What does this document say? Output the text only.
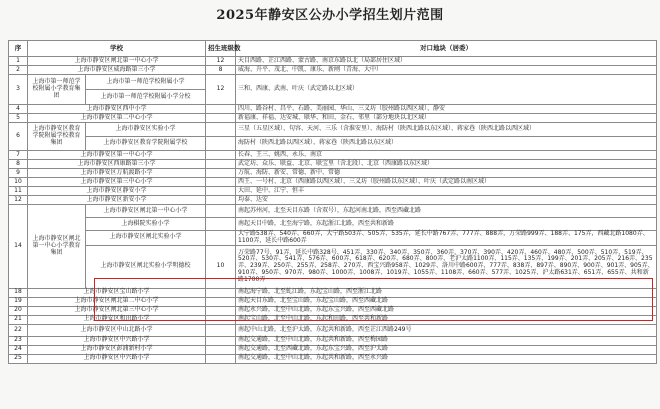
2025年静安区公办小学招生划片范围
序	学校		招生班级数	对口地块（居委）
1	上海市静安区闸北第一中心小学		12	天目西路、芷江西路、蒙古路、南京东路以北（局部居住区域）
2	上海市静安区威海路第三小学		8	威海、升平、茂北、中凯、康乐、新闸（青海、大中）
3	上海市第一师范学校附属小学教育集团	上海市第一师范学校附属小学	12	三和、西康、武南、叶庆（武定路以北区域）
		上海市第一师范学校附属小学分校		
4	上海市静安区西中小学			四川、路谷村、昌平、石路、美丽园、华山、三义坊（胶州路以西区域）、静安
5	上海市静安区第二中心小学			新福康、祥福、达安城、联华、和田、金石、邻里（部分地块以北区域）
6	上海市静安区教育学院附属学校教育集团	上海市静安区实验小学		三星（五星区域）、句容、天河、三乐（含淮安里）、海防村（陕西北路以东区域）、蒋家巷（陕西北路以西区域）
		上海市静安区教育学院附属学校		海防村（陕西北路以西区域）、蒋家巷（陕西北路以东区域）
7	上海市静安区第一中心小学			长春、王三、姚西、永乐、南京
8	上海市静安区西康路第三小学			武定坊、众乐、联益、北京、联宝里（含北段）、北京（西康路以东区域）
9	上海市静安区万航渡路小学			万航、海防、新安、常德、新中、常德
10	上海市静安区第三中心小学			西王、一号村、北京（西康路以西区域）、三义坊（胶州路以东区域）、叶庆（武定路以南区域）
11	上海市静安区静安小学			大田、延中、江宁、恒丰
12	上海市静安区新安小学			均泰、达安
14	上海市静安区闸北第一中心小学教育集团	上海市静安区闸北第一中心小学		南起苏州河，北至天目东路（含双号），东起河南北路，西至西藏北路
		上海棋院实验小学		南起天目中路，北至海宁路，东起浙江北路，西至共和新路
		上海市静安区闸北实验小学		大宁路538弄、540弄、660弄，大宁路503弄、505弄、535弄，延长中路767弄、777弄、888弄，万荣路999弄、188弄、175弄，西藏北路1080弄、1100弄，延长中路600弄
		上海市静安区闸北实验小学明德校	10	万荣路77号、91弄，延长中路328号、451弄、330弄、340弄、350弄、360弄、370弄、390弄、420弄、460弄、480弄、500弄、510弄、519弄、520弄、530弄、541弄、576弄、600弄、618弄、620弄、680弄、800弄、老沪太路1100弄、115弄、135弄、199弄、201弄、205弄、216弄、235弄、239弄、250弄、255弄、258弄、270弄、西宝兴路958弄、1029弄、洛川中路600弄、777弄、838弄、897弄、890弄、900弄、901弄、905弄、910弄、950弄、970弄、980弄、1000弄、1008弄、1019弄、1055弄、1108弄、660弄、577弄、1025弄、沪太路631弄、651弄、655弄、共和新路1700弄
18	上海市静安区宝山路小学			南起海宁路，北至虬江路，东起宝山路，西至浙江北路
19	上海市静安区闸北第二中心小学			南起天目东路，北至宝山路，东起宝山路，西至西藏北路
20	上海市静安区闸北第三中心小学			南起永兴路，北至中山北路，东起东宝兴路，西至西藏北路
21	上海市静安区和田路小学			南起宝山路，北至中山北路，东起和田路，西至共和新路
22	上海市静安区中山北路小学			南起中山北路，北至沪太路，东起共和新路，西至芷江西路249号
23	上海市静安区中兴路小学			南起交通路，北至中山北路，东起共和新路，西至梅园路
24	上海市静安区彭浦新村小学			南起交通路，北至西藏北路，东起东宝兴路，西至沪太路
25	上海市静安区中兴路小学			南起交通路，北至中山北路，东起共和新路，西至永兴路
